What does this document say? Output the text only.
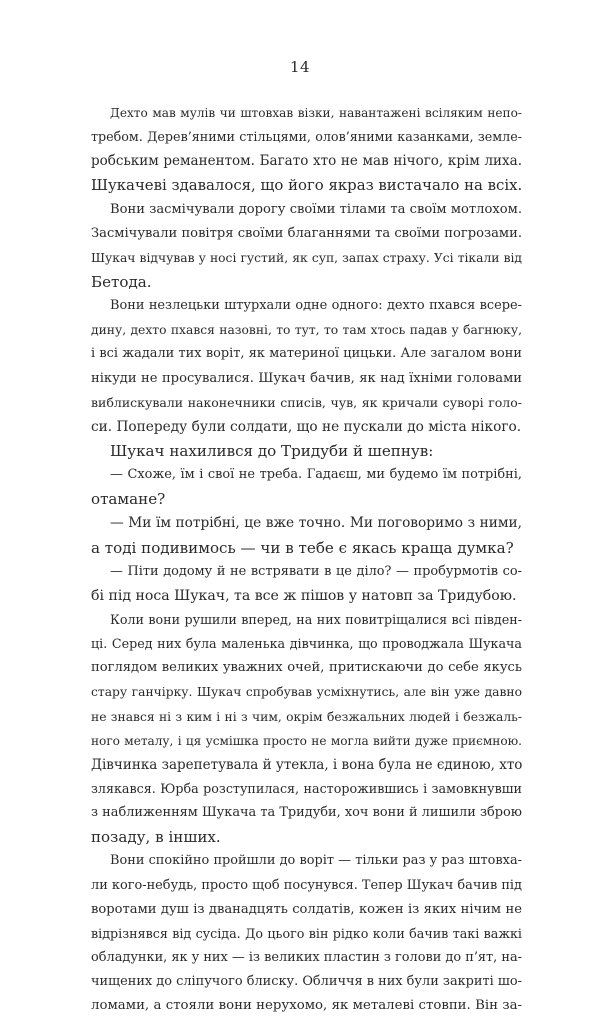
14
Дехто мав мулів чи штовхав візки, навантажені всіляким непо-
требом. Дерев’яними стільцями, олов’яними казанками, земле-
робським реманентом. Багато хто не мав нічого, крім лиха.
Шукачеві здавалося, що його якраз вистачало на всіх.
Вони засмічували дорогу своїми тілами та своїм мотлохом.
Засмічували повітря своїми благаннями та своїми погрозами.
Шукач відчував у носі густий, як суп, запах страху. Усі тікали від
Бетода.
Вони незлецьки штурхали одне одного: дехто пхався всере-
дину, дехто пхався назовні, то тут, то там хтось падав у багнюку,
і всі жадали тих воріт, як материної цицьки. Але загалом вони
нікуди не просувалися. Шукач бачив, як над їхніми головами
виблискували наконечники списів, чув, як кричали суворі голо-
си. Попереду були солдати, що не пускали до міста нікого.
Шукач нахилився до Тридуби й шепнув:
— Схоже, їм і свої не треба. Гадаєш, ми будемо їм потрібні,
отамане?
— Ми їм потрібні, це вже точно. Ми поговоримо з ними,
а тоді подивимось — чи в тебе є якась краща думка?
— Піти додому й не встрявати в це діло? — пробурмотів со-
бі під носа Шукач, та все ж пішов у натовп за Тридубою.
Коли вони рушили вперед, на них повитріщалися всі півден-
ці. Серед них була маленька дівчинка, що проводжала Шукача
поглядом великих уважних очей, притискаючи до себе якусь
стару ганчірку. Шукач спробував усміхнутись, але він уже давно
не знався ні з ким і ні з чим, окрім безжальних людей і безжаль-
ного металу, і ця усмішка просто не могла вийти дуже приємною.
Дівчинка зарепетувала й утекла, і вона була не єдиною, хто
злякався. Юрба розступилася, насторожившись і замовкнувши
з наближенням Шукача та Тридуби, хоч вони й лишили зброю
позаду, в інших.
Вони спокійно пройшли до воріт — тільки раз у раз штовха-
ли кого-небудь, просто щоб посунувся. Тепер Шукач бачив під
воротами душ із дванадцять солдатів, кожен із яких нічим не
відрізнявся від сусіда. До цього він рідко коли бачив такі важкі
обладунки, як у них — із великих пластин з голови до п’ят, на-
чищених до сліпучого блиску. Обличчя в них були закриті шо-
ломами, а стояли вони нерухомо, як металеві стовпи. Він за-
